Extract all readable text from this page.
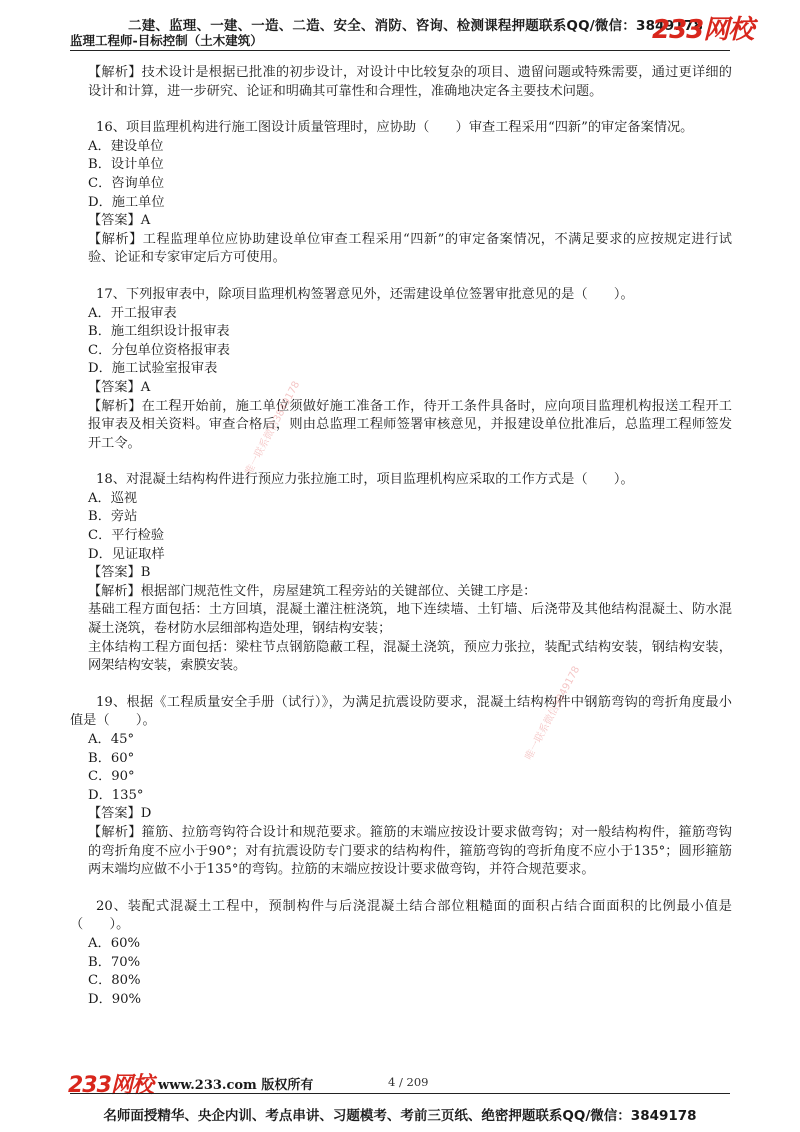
二建、监理、一建、一造、二造、安全、消防、咨询、检测课程押题联系QQ/微信：3849178
监理工程师-目标控制（土木建筑）	233网校

【解析】技术设计是根据已批准的初步设计，对设计中比较复杂的项目、遗留问题或特殊需要，通过更详细的设计和计算，进一步研究、论证和明确其可靠性和合理性，准确地决定各主要技术问题。

16、项目监理机构进行施工图设计质量管理时，应协助（　　）审查工程采用“四新”的审定备案情况。

A．建设单位

B．设计单位

C．咨询单位

D．施工单位

【答案】A

【解析】工程监理单位应协助建设单位审查工程采用“四新”的审定备案情况，不满足要求的应按规定进行试验、论证和专家审定后方可使用。

17、下列报审表中，除项目监理机构签署意见外，还需建设单位签署审批意见的是（　　）。

A．开工报审表

B．施工组织设计报审表

C．分包单位资格报审表

D．施工试验室报审表

【答案】A

【解析】在工程开始前，施工单位须做好施工准备工作，待开工条件具备时，应向项目监理机构报送工程开工报审表及相关资料。审查合格后，则由总监理工程师签署审核意见，并报建设单位批准后，总监理工程师签发开工令。

18、对混凝土结构构件进行预应力张拉施工时，项目监理机构应采取的工作方式是（　　）。

A．巡视

B．旁站

C．平行检验

D．见证取样

【答案】B

【解析】根据部门规范性文件，房屋建筑工程旁站的关键部位、关键工序是：

基础工程方面包括：土方回填，混凝土灌注桩浇筑，地下连续墙、土钉墙、后浇带及其他结构混凝土、防水混凝土浇筑，卷材防水层细部构造处理，钢结构安装；

主体结构工程方面包括：梁柱节点钢筋隐蔽工程，混凝土浇筑，预应力张拉，装配式结构安装，钢结构安装，网架结构安装，索膜安装。

19、根据《工程质量安全手册（试行）》，为满足抗震设防要求，混凝土结构构件中钢筋弯钩的弯折角度最小值是（　　）。

A．45°

B．60°

C．90°

D．135°

【答案】D

【解析】箍筋、拉筋弯钩符合设计和规范要求。箍筋的末端应按设计要求做弯钩；对一般结构构件，箍筋弯钩的弯折角度不应小于90°；对有抗震设防专门要求的结构构件，箍筋弯钩的弯折角度不应小于135°；圆形箍筋两末端均应做不小于135°的弯钩。拉筋的末端应按设计要求做弯钩，并符合规范要求。

20、装配式混凝土工程中，预制构件与后浇混凝土结合部位粗糙面的面积占结合面面积的比例最小值是（　　）。

A．60%

B．70%

C．80%

D．90%

唯一联系微信3849178
唯一联系微信3849178
233网校 www.233.com 版权所有	4 / 209
名师面授精华、央企内训、考点串讲、习题模考、考前三页纸、绝密押题联系QQ/微信：3849178
